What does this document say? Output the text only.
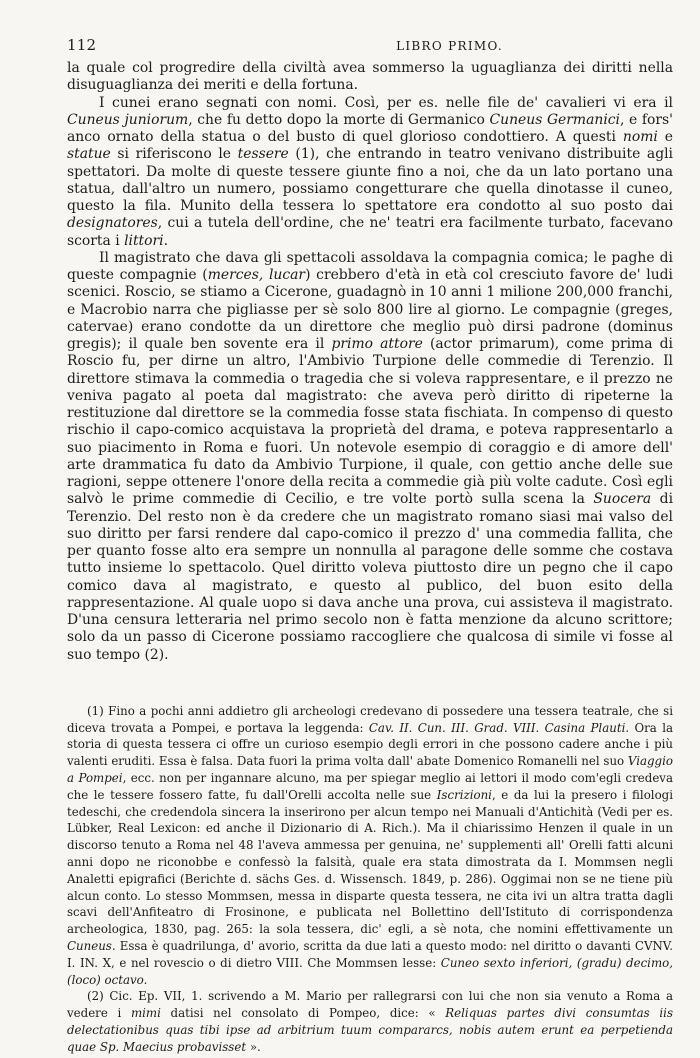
112	LIBRO PRIMO.

la quale col progredire della civiltà avea sommerso la uguaglianza dei diritti nella disuguaglianza dei meriti e della fortuna.

I cunei erano segnati con nomi. Così, per es. nelle file de' cavalieri vi era il Cuneus juniorum, che fu detto dopo la morte di Germanico Cuneus Germanici, e fors' anco ornato della statua o del busto di quel glorioso condottiero. A questi nomi e statue si riferiscono le tessere (1), che entrando in teatro venivano distribuite agli spettatori. Da molte di queste tessere giunte fino a noi, che da un lato portano una statua, dall'altro un numero, possiamo congetturare che quella dinotasse il cuneo, questo la fila. Munito della tessera lo spettatore era condotto al suo posto dai designatores, cui a tutela dell'ordine, che ne' teatri era facilmente turbato, facevano scorta i littori.

Il magistrato che dava gli spettacoli assoldava la compagnia comica; le paghe di queste compagnie (merces, lucar) crebbero d'età in età col cresciuto favore de' ludi scenici. Roscio, se stiamo a Cicerone, guadagnò in 10 anni 1 milione 200,000 franchi, e Macrobio narra che pigliasse per sè solo 800 lire al giorno. Le compagnie (greges, catervae) erano condotte da un direttore che meglio può dirsi padrone (dominus gregis); il quale ben sovente era il primo attore (actor primarum), come prima di Roscio fu, per dirne un altro, l'Ambivio Turpione delle commedie di Terenzio. Il direttore stimava la commedia o tragedia che si voleva rappresentare, e il prezzo ne veniva pagato al poeta dal magistrato: che aveva però diritto di ripeterne la restituzione dal direttore se la commedia fosse stata fischiata. In compenso di questo rischio il capo-comico acquistava la proprietà del drama, e poteva rappresentarlo a suo piacimento in Roma e fuori. Un notevole esempio di coraggio e di amore dell' arte drammatica fu dato da Ambivio Turpione, il quale, con gettio anche delle sue ragioni, seppe ottenere l'onore della recita a commedie già più volte cadute. Così egli salvò le prime commedie di Cecilio, e tre volte portò sulla scena la Suocera di Terenzio. Del resto non è da credere che un magistrato romano siasi mai valso del suo diritto per farsi rendere dal capo-comico il prezzo d' una commedia fallita, che per quanto fosse alto era sempre un nonnulla al paragone delle somme che costava tutto insieme lo spettacolo. Quel diritto voleva piuttosto dire un pegno che il capo comico dava al magistrato, e questo al publico, del buon esito della rappresentazione. Al quale uopo si dava anche una prova, cui assisteva il magistrato. D'una censura letteraria nel primo secolo non è fatta menzione da alcuno scrittore; solo da un passo di Cicerone possiamo raccogliere che qualcosa di simile vi fosse al suo tempo (2).

(1) Fino a pochi anni addietro gli archeologi credevano di possedere una tessera teatrale, che si diceva trovata a Pompei, e portava la leggenda: Cav. II. Cun. III. Grad. VIII. Casina Plauti. Ora la storia di questa tessera ci offre un curioso esempio degli errori in che possono cadere anche i più valenti eruditi. Essa è falsa. Data fuori la prima volta dall' abate Domenico Romanelli nel suo Viaggio a Pompei, ecc. non per ingannare alcuno, ma per spiegar meglio ai lettori il modo com'egli credeva che le tessere fossero fatte, fu dall'Orelli accolta nelle sue Iscrizioni, e da lui la presero i filologi tedeschi, che credendola sincera la inserirono per alcun tempo nei Manuali d'Antichità (Vedi per es. Lübker, Real Lexicon: ed anche il Dizionario di A. Rich.). Ma il chiarissimo Henzen il quale in un discorso tenuto a Roma nel 48 l'aveva ammessa per genuina, ne' supplementi all' Orelli fatti alcuni anni dopo ne riconobbe e confessò la falsità, quale era stata dimostrata da I. Mommsen negli Analetti epigrafici (Berichte d. sächs Ges. d. Wissensch. 1849, p. 286). Oggimai non se ne tiene più alcun conto. Lo stesso Mommsen, messa in disparte questa tessera, ne cita ivi un altra tratta dagli scavi dell'Anfiteatro di Frosinone, e publicata nel Bollettino dell'Istituto di corrispondenza archeologica, 1830, pag. 265: la sola tessera, dic' egli, a sè nota, che nomini effettivamente un Cuneus. Essa è quadrilunga, d' avorio, scritta da due lati a questo modo: nel diritto o davanti CVNV. I. IN. X, e nel rovescio o di dietro VIII. Che Mommsen lesse: Cuneo sexto inferiori, (gradu) decimo, (loco) octavo.

(2) Cic. Ep. VII, 1. scrivendo a M. Mario per rallegrarsi con lui che non sia venuto a Roma a vedere i mimi datisi nel consolato di Pompeo, dice: « Reliquas partes divi consumtas iis delectationibus quas tibi ipse ad arbitrium tuum compararcs, nobis autem erunt ea perpetienda quae Sp. Maecius probavisset ».
